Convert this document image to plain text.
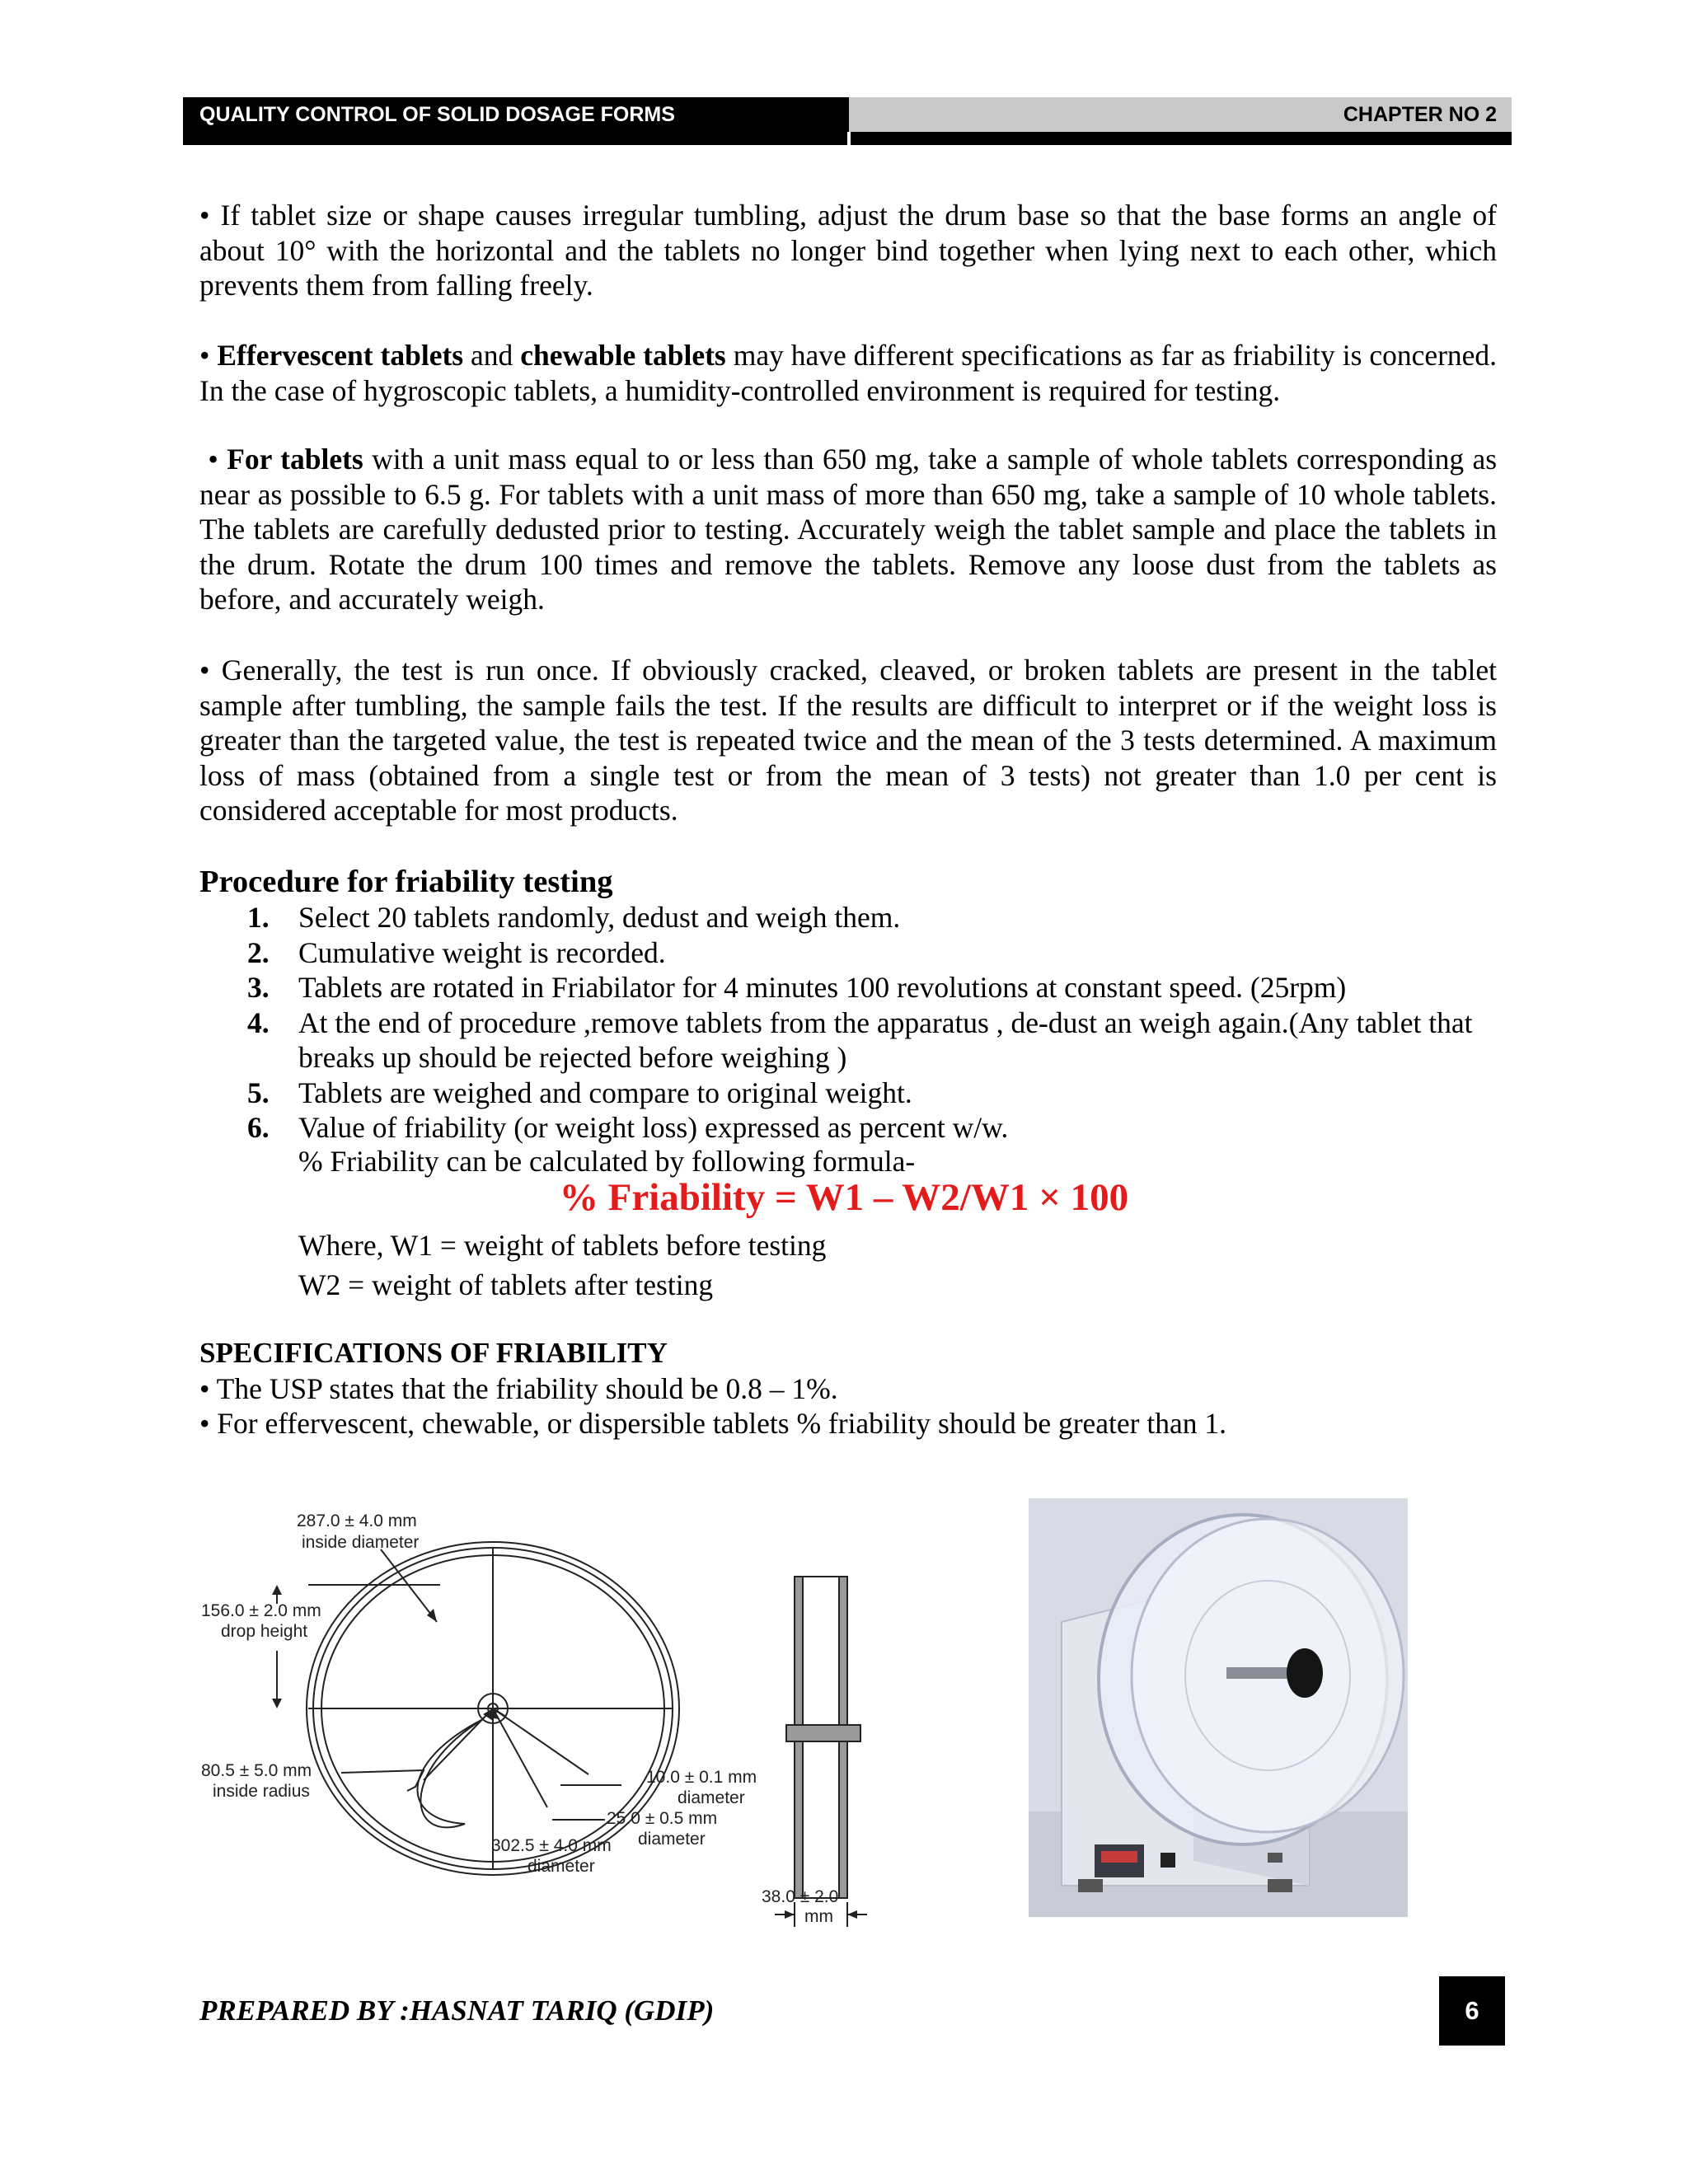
QUALITY CONTROL OF SOLID DOSAGE FORMS	CHAPTER NO 2

• If tablet size or shape causes irregular tumbling, adjust the drum base so that the base forms an angle of about 10° with the horizontal and the tablets no longer bind together when lying next to each other, which prevents them from falling freely.

• Effervescent tablets and chewable tablets may have different specifications as far as friability is concerned. In the case of hygroscopic tablets, a humidity-controlled environment is required for testing.

• For tablets with a unit mass equal to or less than 650 mg, take a sample of whole tablets corresponding as near as possible to 6.5 g. For tablets with a unit mass of more than 650 mg, take a sample of 10 whole tablets. The tablets are carefully dedusted prior to testing. Accurately weigh the tablet sample and place the tablets in the drum. Rotate the drum 100 times and remove the tablets. Remove any loose dust from the tablets as before, and accurately weigh.

• Generally, the test is run once. If obviously cracked, cleaved, or broken tablets are present in the tablet sample after tumbling, the sample fails the test. If the results are difficult to interpret or if the weight loss is greater than the targeted value, the test is repeated twice and the mean of the 3 tests determined. A maximum loss of mass (obtained from a single test or from the mean of 3 tests) not greater than 1.0 per cent is considered acceptable for most products.

Procedure for friability testing
1. Select 20 tablets randomly, dedust and weigh them.
2. Cumulative weight is recorded.
3. Tablets are rotated in Friabilator for 4 minutes 100 revolutions at constant speed. (25rpm)
4. At the end of procedure ,remove tablets from the apparatus , de-dust an weigh again.(Any tablet that breaks up should be rejected before weighing )
5. Tablets are weighed and compare to original weight.
6. Value of friability (or weight loss) expressed as percent w/w.
% Friability can be calculated by following formula-
% Friability = W1 – W2/W1 × 100
Where, W1 = weight of tablets before testing
W2 = weight of tablets after testing
SPECIFICATIONS OF FRIABILITY
• The USP states that the friability should be 0.8 – 1%.
• For effervescent, chewable, or dispersible tablets % friability should be greater than 1.
287.0 ± 4.0 mm
inside diameter
156.0 ± 2.0 mm
drop height
80.5 ± 5.0 mm
inside radius
10.0 ± 0.1 mm
diameter
25.0 ± 0.5 mm
diameter
302.5 ± 4.0 mm
diameter
38.0 ± 2.0
mm
PREPARED BY :HASNAT TARIQ (GDIP)	6
